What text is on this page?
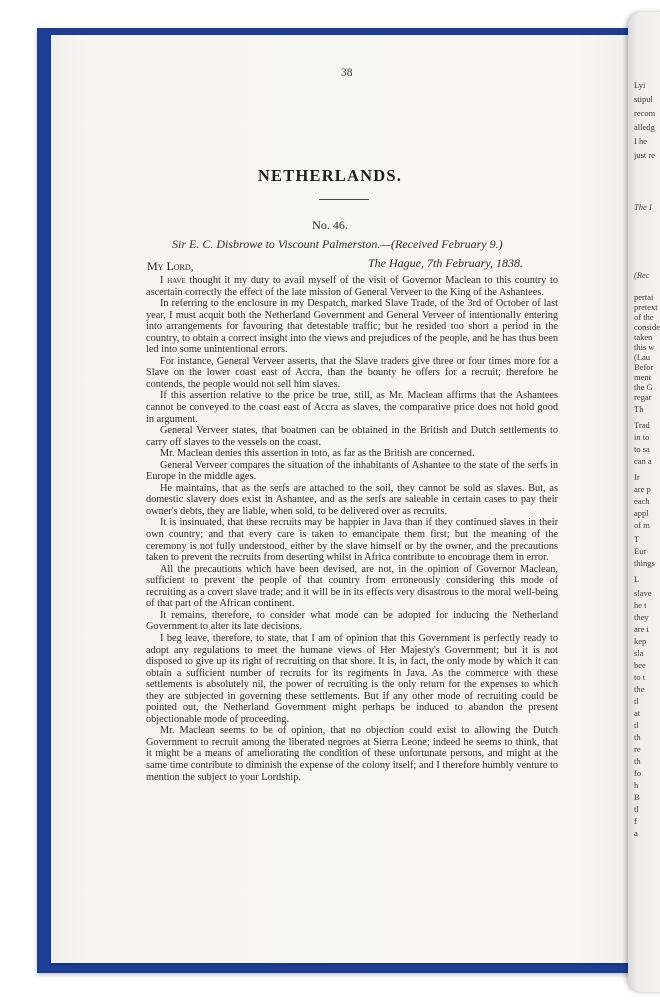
38
NETHERLANDS.
No. 46.
Sir E. C. Disbrowe to Viscount Palmerston.—(Received February 9.)
My Lord,	The Hague, 7th February, 1838.

I have thought it my duty to avail myself of the visit of Governor Maclean to this country to ascertain correctly the effect of the late mission of General Verveer to the King of the Ashantees.

In referring to the enclosure in my Despatch, marked Slave Trade, of the 3rd of October of last year, I must acquit both the Netherland Government and General Verveer of intentionally entering into arrangements for favouring that detestable traffic; but he resided too short a period in the country, to obtain a correct insight into the views and prejudices of the people, and he has thus been led into some unintentional errors.

For instance, General Verveer asserts, that the Slave traders give three or four times more for a Slave on the lower coast east of Accra, than the bounty he offers for a recruit; therefore he contends, the people would not sell him slaves.

If this assertion relative to the price be true, still, as Mr. Maclean affirms that the Ashantees cannot be conveyed to the coast east of Accra as slaves, the comparative price does not hold good in argument.

General Verveer states, that boatmen can be obtained in the British and Dutch settlements to carry off slaves to the vessels on the coast.

Mr. Maclean denies this assertion in toto, as far as the British are concerned.

General Verveer compares the situation of the inhabitants of Ashantee to the state of the serfs in Europe in the middle ages.

He maintains, that as the serfs are attached to the soil, they cannot be sold as slaves. But, as domestic slavery does exist in Ashantee, and as the serfs are saleable in certain cases to pay their owner's debts, they are liable, when sold, to be delivered over as recruits.

It is insinuated, that these recruits may be happier in Java than if they continued slaves in their own country; and that every care is taken to emancipate them first; but the meaning of the ceremony is not fully understood, either by the slave himself or by the owner, and the precautions taken to prevent the recruits from deserting whilst in Africa contribute to encourage them in error.

All the precautions which have been devised, are not, in the opinion of Governor Maclean, sufficient to prevent the people of that country from erroneously considering this mode of recruiting as a covert slave trade; and it will be in its effects very disastrous to the moral well-being of that part of the African continent.

It remains, therefore, to consider what mode can be adopted for inducing the Netherland Government to alter its late decisions.

I beg leave, therefore, to state, that I am of opinion that this Government is perfectly ready to adopt any regulations to meet the humane views of Her Majesty's Government; but it is not disposed to give up its right of recruiting on that shore. It is, in fact, the only mode by which it can obtain a sufficient number of recruits for its regiments in Java. As the commerce with these settlements is absolutely nil, the power of recruiting is the only return for the expenses to which they are subjected in governing these settlements. But if any other mode of recruiting could be pointed out, the Netherland Government might perhaps be induced to abandon the present objectionable mode of proceeding.

Mr. Maclean seems to be of opinion, that no objection could exist to allowing the Dutch Government to recruit among the liberated negroes at Sierra Leone; indeed he seems to think, that it might be a means of ameliorating the condition of these unfortunate persons, and might at the same time contribute to diminish the expense of the colony itself; and I therefore humbly venture to mention the subject to your Lordship.

Lyi
stipul
recom
alledg
I he
just re
The I
(Rec
pertai
pretext
of the
conside
taken
this w
(Lau
Befor
ment
the G
regar
Th
Trad
in to
to sa
can a
Ir
are p
each
appl
of m
T
Eur
things
L
slave
he t
they
are i
kep
sla
bee
to t
the
tl
at
tl
th
re
th
fo
h
B
tl
f
a
